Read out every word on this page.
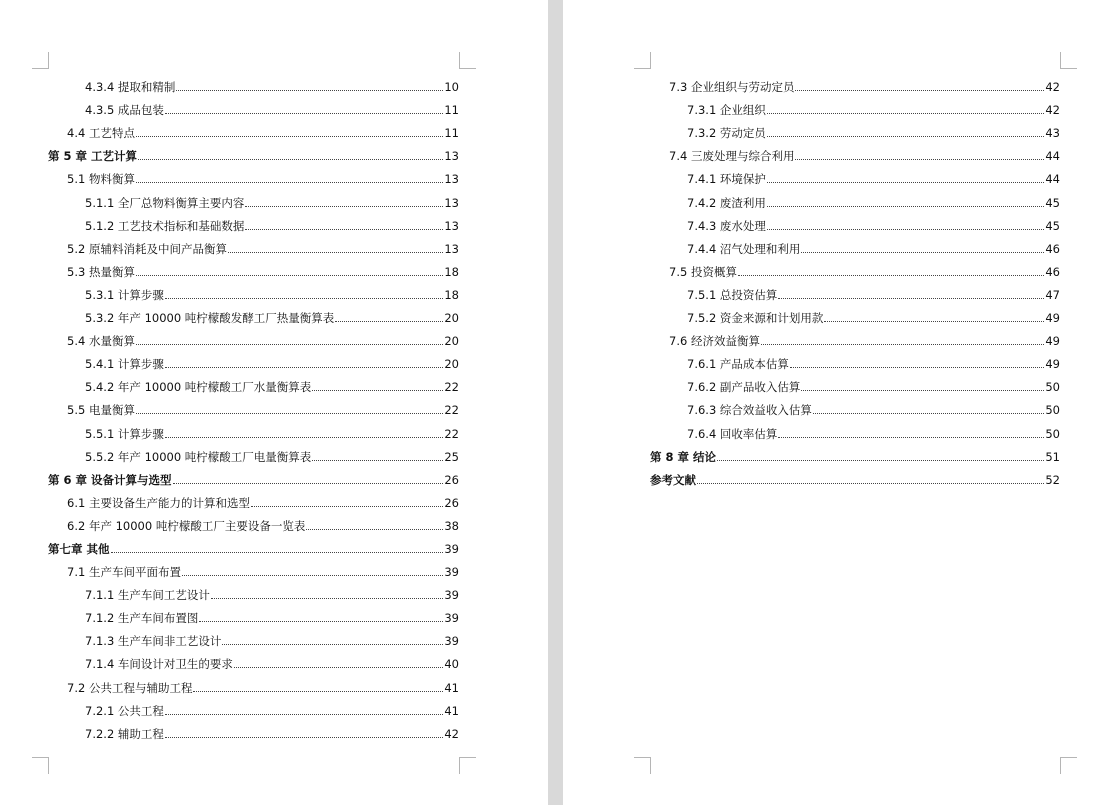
4.3.4 提取和精制	10
4.3.5 成品包装	11
4.4 工艺特点	11
第 5 章 工艺计算	13
5.1 物料衡算	13
5.1.1 全厂总物料衡算主要内容	13
5.1.2 工艺技术指标和基础数据	13
5.2 原辅料消耗及中间产品衡算	13
5.3 热量衡算	18
5.3.1 计算步骤	18
5.3.2 年产 10000 吨柠檬酸发酵工厂热量衡算表	20
5.4 水量衡算	20
5.4.1 计算步骤	20
5.4.2 年产 10000 吨柠檬酸工厂水量衡算表	22
5.5 电量衡算	22
5.5.1 计算步骤	22
5.5.2 年产 10000 吨柠檬酸工厂电量衡算表	25
第 6 章 设备计算与选型	26
6.1 主要设备生产能力的计算和选型	26
6.2 年产 10000 吨柠檬酸工厂主要设备一览表	38
第七章 其他	39
7.1 生产车间平面布置	39
7.1.1 生产车间工艺设计	39
7.1.2 生产车间布置图	39
7.1.3 生产车间非工艺设计	39
7.1.4 车间设计对卫生的要求	40
7.2 公共工程与辅助工程	41
7.2.1 公共工程	41
7.2.2 辅助工程	42
7.3 企业组织与劳动定员	42
7.3.1 企业组织	42
7.3.2 劳动定员	43
7.4 三废处理与综合利用	44
7.4.1 环境保护	44
7.4.2 废渣利用	45
7.4.3 废水处理	45
7.4.4 沼气处理和利用	46
7.5 投资概算	46
7.5.1 总投资估算	47
7.5.2 资金来源和计划用款	49
7.6 经济效益衡算	49
7.6.1 产品成本估算	49
7.6.2 副产品收入估算	50
7.6.3 综合效益收入估算	50
7.6.4 回收率估算	50
第 8 章 结论	51
参考文献	52
